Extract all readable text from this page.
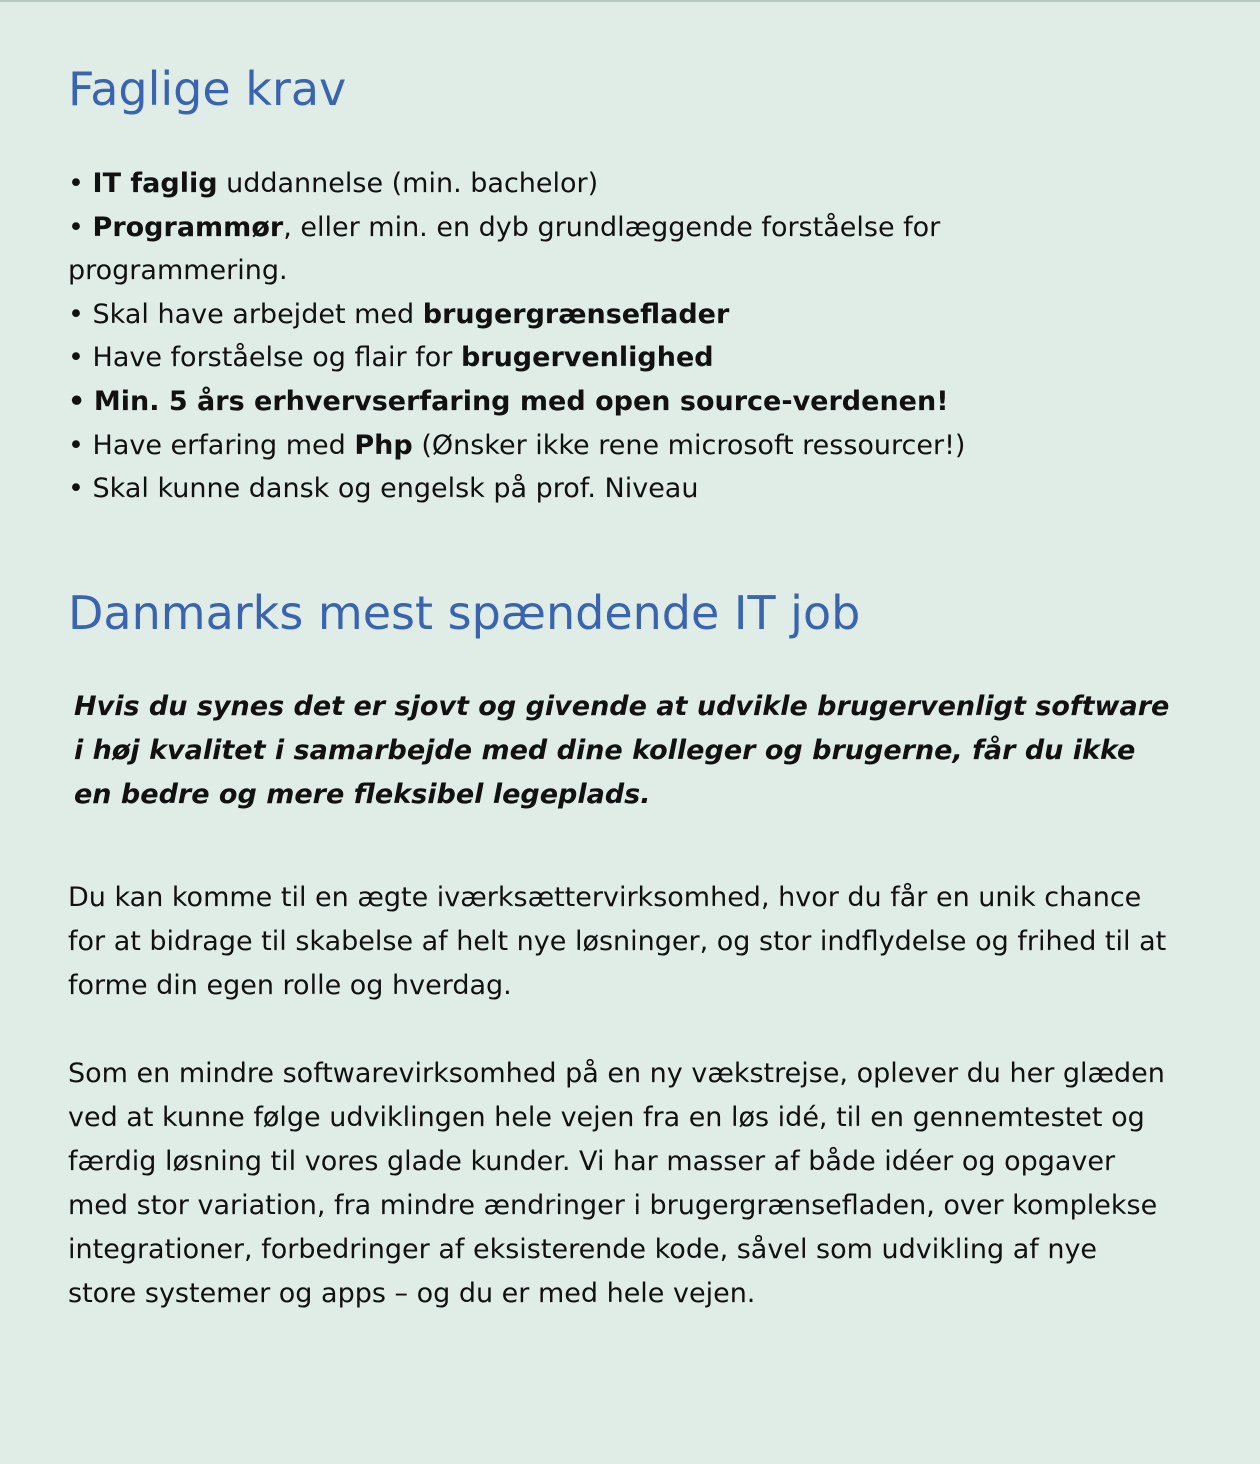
Faglige krav
• IT faglig uddannelse (min. bachelor)
• Programmør, eller min. en dyb grundlæggende forståelse for programmering.
• Skal have arbejdet med brugergrænseflader
• Have forståelse og flair for brugervenlighed
• Min. 5 års erhvervserfaring med open source-verdenen!
• Have erfaring med Php (Ønsker ikke rene microsoft ressourcer!)
• Skal kunne dansk og engelsk på prof. Niveau
Danmarks mest spændende IT job
Hvis du synes det er sjovt og givende at udvikle brugervenligt software i høj kvalitet i samarbejde med dine kolleger og brugerne, får du ikke en bedre og mere fleksibel legeplads.
Du kan komme til en ægte iværksættervirksomhed, hvor du får en unik chance for at bidrage til skabelse af helt nye løsninger, og stor indflydelse og frihed til at forme din egen rolle og hverdag.
Som en mindre softwarevirksomhed på en ny vækstrejse, oplever du her glæden ved at kunne følge udviklingen hele vejen fra en løs idé, til en gennemtestet og færdig løsning til vores glade kunder. Vi har masser af både idéer og opgaver med stor variation, fra mindre ændringer i brugergrænsefladen, over komplekse integrationer, forbedringer af eksisterende kode, såvel som udvikling af nye store systemer og apps – og du er med hele vejen.
